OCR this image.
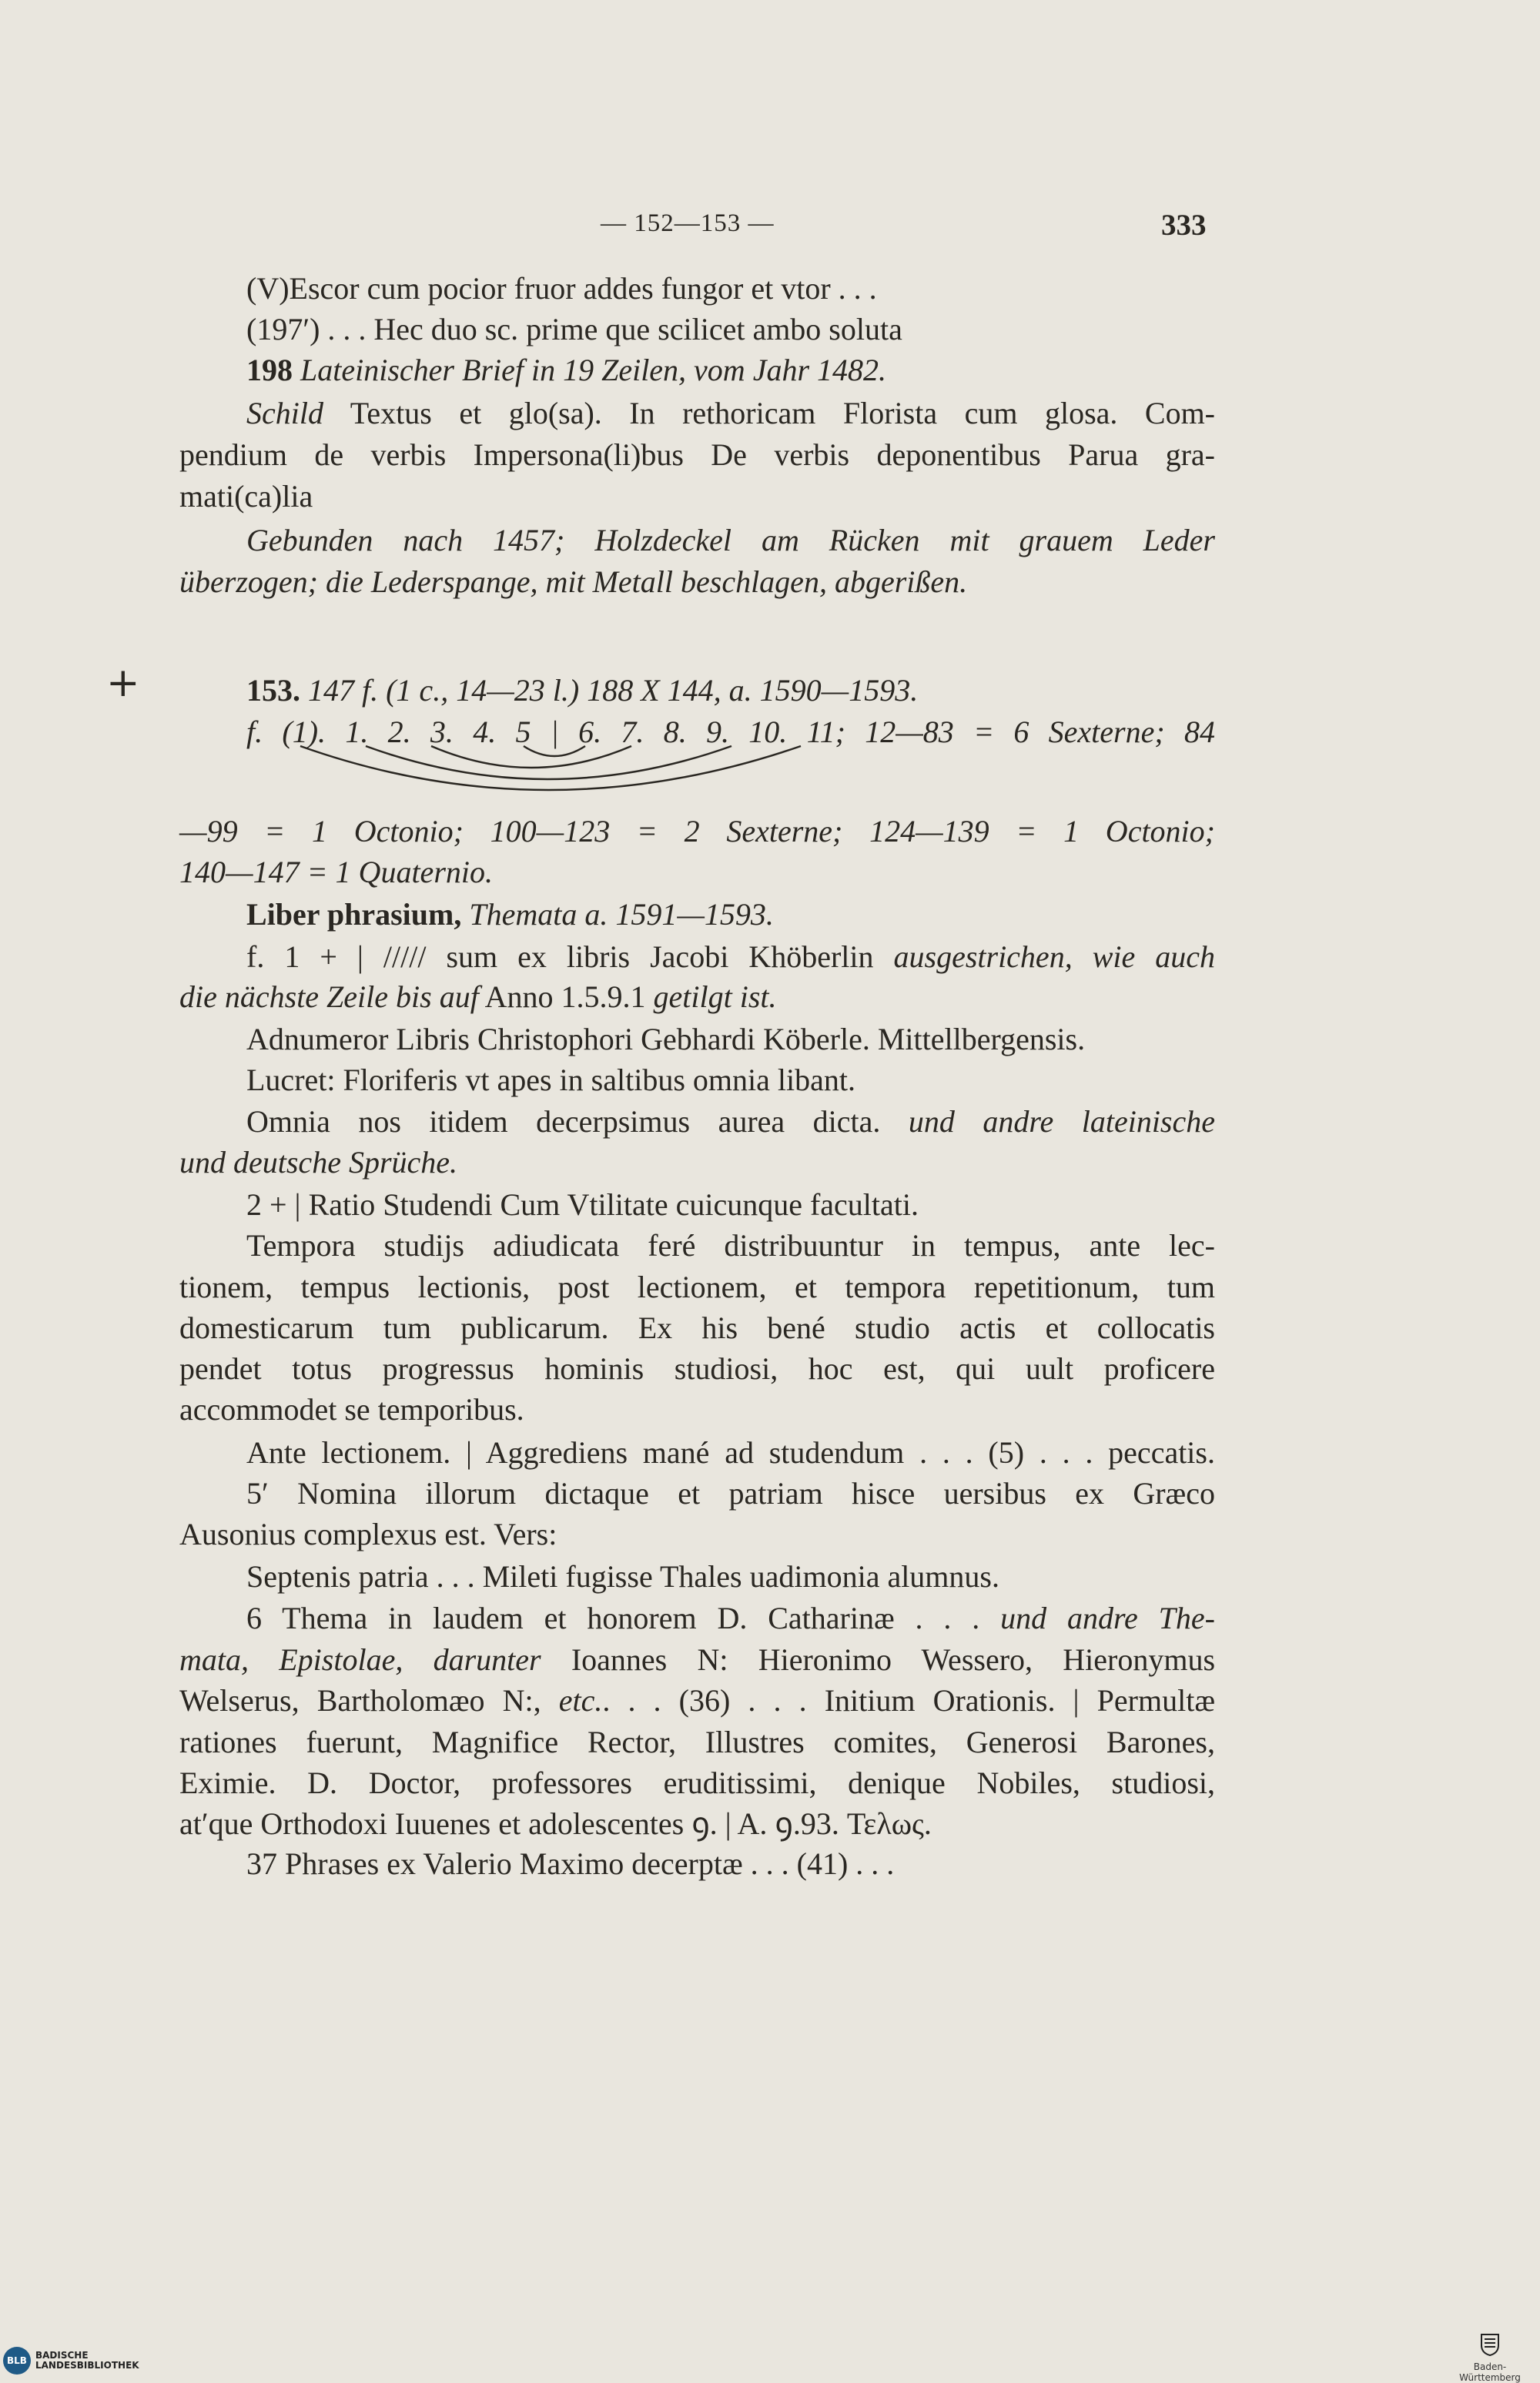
— 152—153 —	333
+
(V)Escor cum pocior fruor addes fungor et vtor . . .
(197′) . . . Hec duo sc. prime que scilicet ambo soluta
198 Lateinischer Brief in 19 Zeilen, vom Jahr 1482.
Schild Textus et glo(sa). In rethoricam Florista cum glosa. Com-
pendium de verbis Impersona(li)bus De verbis deponentibus Parua gra-
mati(ca)lia
Gebunden nach 1457; Holzdeckel am Rücken mit grauem Leder
überzogen; die Lederspange, mit Metall beschlagen, abgerißen.
153. 147 f. (1 c., 14—23 l.) 188 X 144, a. 1590—1593.
f. (1). 1. 2. 3. 4. 5 | 6. 7. 8. 9. 10. 11; 12—83 = 6 Sexterne; 84
—99 = 1 Octonio; 100—123 = 2 Sexterne; 124—139 = 1 Octonio;
140—147 = 1 Quaternio.
Liber phrasium, Themata a. 1591—1593.
f. 1 + | ///// sum ex libris Jacobi Khöberlin ausgestrichen, wie auch
die nächste Zeile bis auf Anno 1.5.9.1 getilgt ist.
Adnumeror Libris Christophori Gebhardi Köberle. Mittellbergensis.
Lucret: Floriferis vt apes in saltibus omnia libant.
Omnia nos itidem decerpsimus aurea dicta. und andre lateinische
und deutsche Sprüche.
2 + | Ratio Studendi Cum Vtilitate cuicunque facultati.
Tempora studijs adiudicata feré distribuuntur in tempus, ante lec-
tionem, tempus lectionis, post lectionem, et tempora repetitionum, tum
domesticarum tum publicarum. Ex his bené studio actis et collocatis
pendet totus progressus hominis studiosi, hoc est, qui uult proficere
accommodet se temporibus.
Ante lectionem. | Aggrediens mané ad studendum . . . (5) . . . peccatis.
5′ Nomina illorum dictaque et patriam hisce uersibus ex Græco
Ausonius complexus est. Vers:
Septenis patria . . . Mileti fugisse Thales uadimonia alumnus.
6 Thema in laudem et honorem D. Catharinæ . . . und andre The-
mata, Epistolae, darunter Ioannes N: Hieronimo Wessero, Hieronymus
Welserus, Bartholomæo N:, etc.. . . (36) . . . Initium Orationis. | Permultæ
rationes fuerunt, Magnifice Rector, Illustres comites, Generosi Barones,
Eximie. D. Doctor, professores eruditissimi, denique Nobiles, studiosi,
at′que Orthodoxi Iuuenes et adolescentes ꝯ. | A. ꝯ.93. Τελως.
37 Phrases ex Valerio Maximo decerptæ . . . (41) . . .
BLB BADISCHE
LANDESBIBLIOTHEK	Baden-Württemberg
